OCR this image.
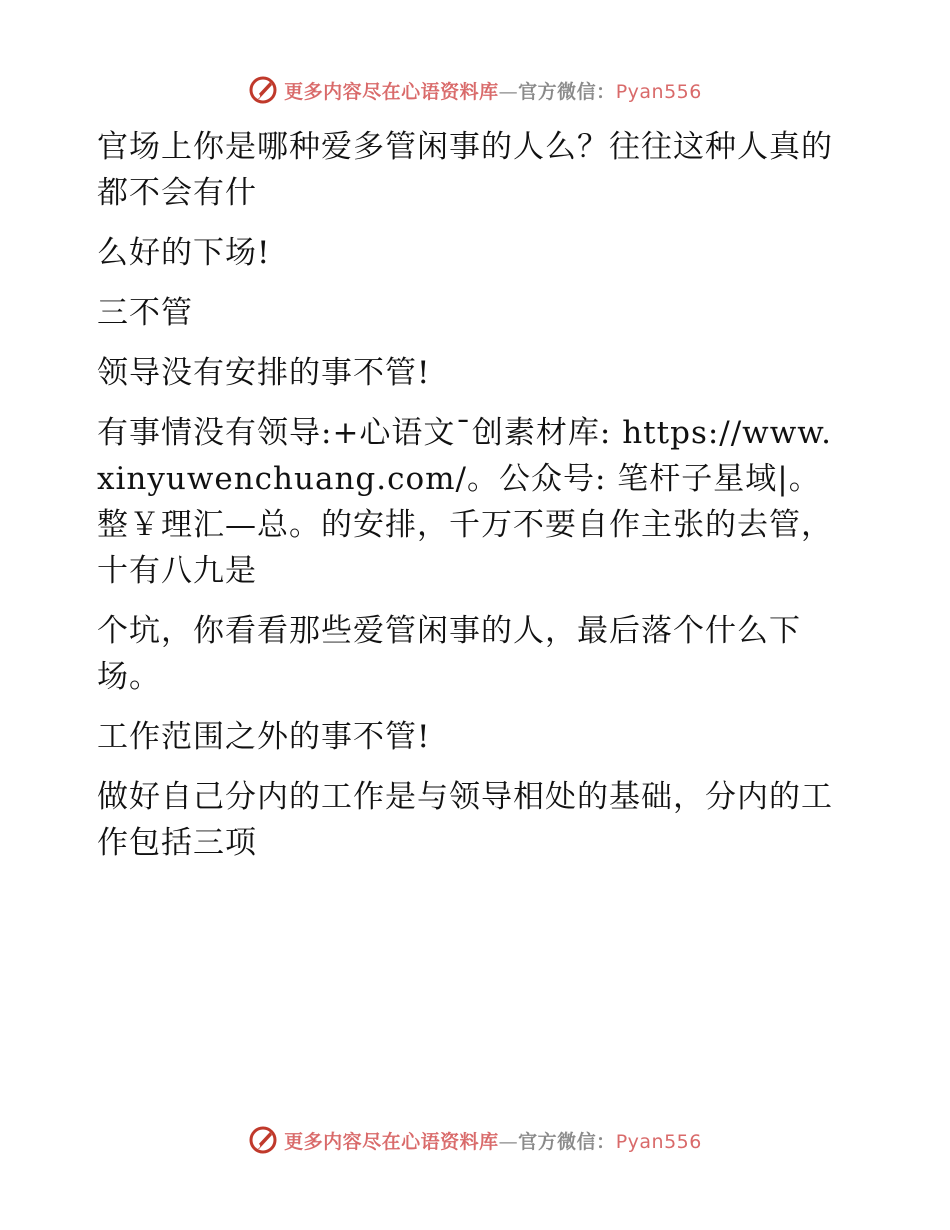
更多内容尽在心语资料库—官方微信：Pyan556

官场上你是哪种爱多管闲事的人么？往往这种人真的都不会有什

么好的下场!

三不管

领导没有安排的事不管!

有事情没有领导:+心语文¯创素材库: https://www.xinyuwenchuang.com/。公众号: 笔杆子星域|。整￥理汇—总。的安排，千万不要自作主张的去管，十有八九是

个坑，你看看那些爱管闲事的人，最后落个什么下场。

工作范围之外的事不管!

做好自己分内的工作是与领导相处的基础，分内的工作包括三项

更多内容尽在心语资料库—官方微信：Pyan556
